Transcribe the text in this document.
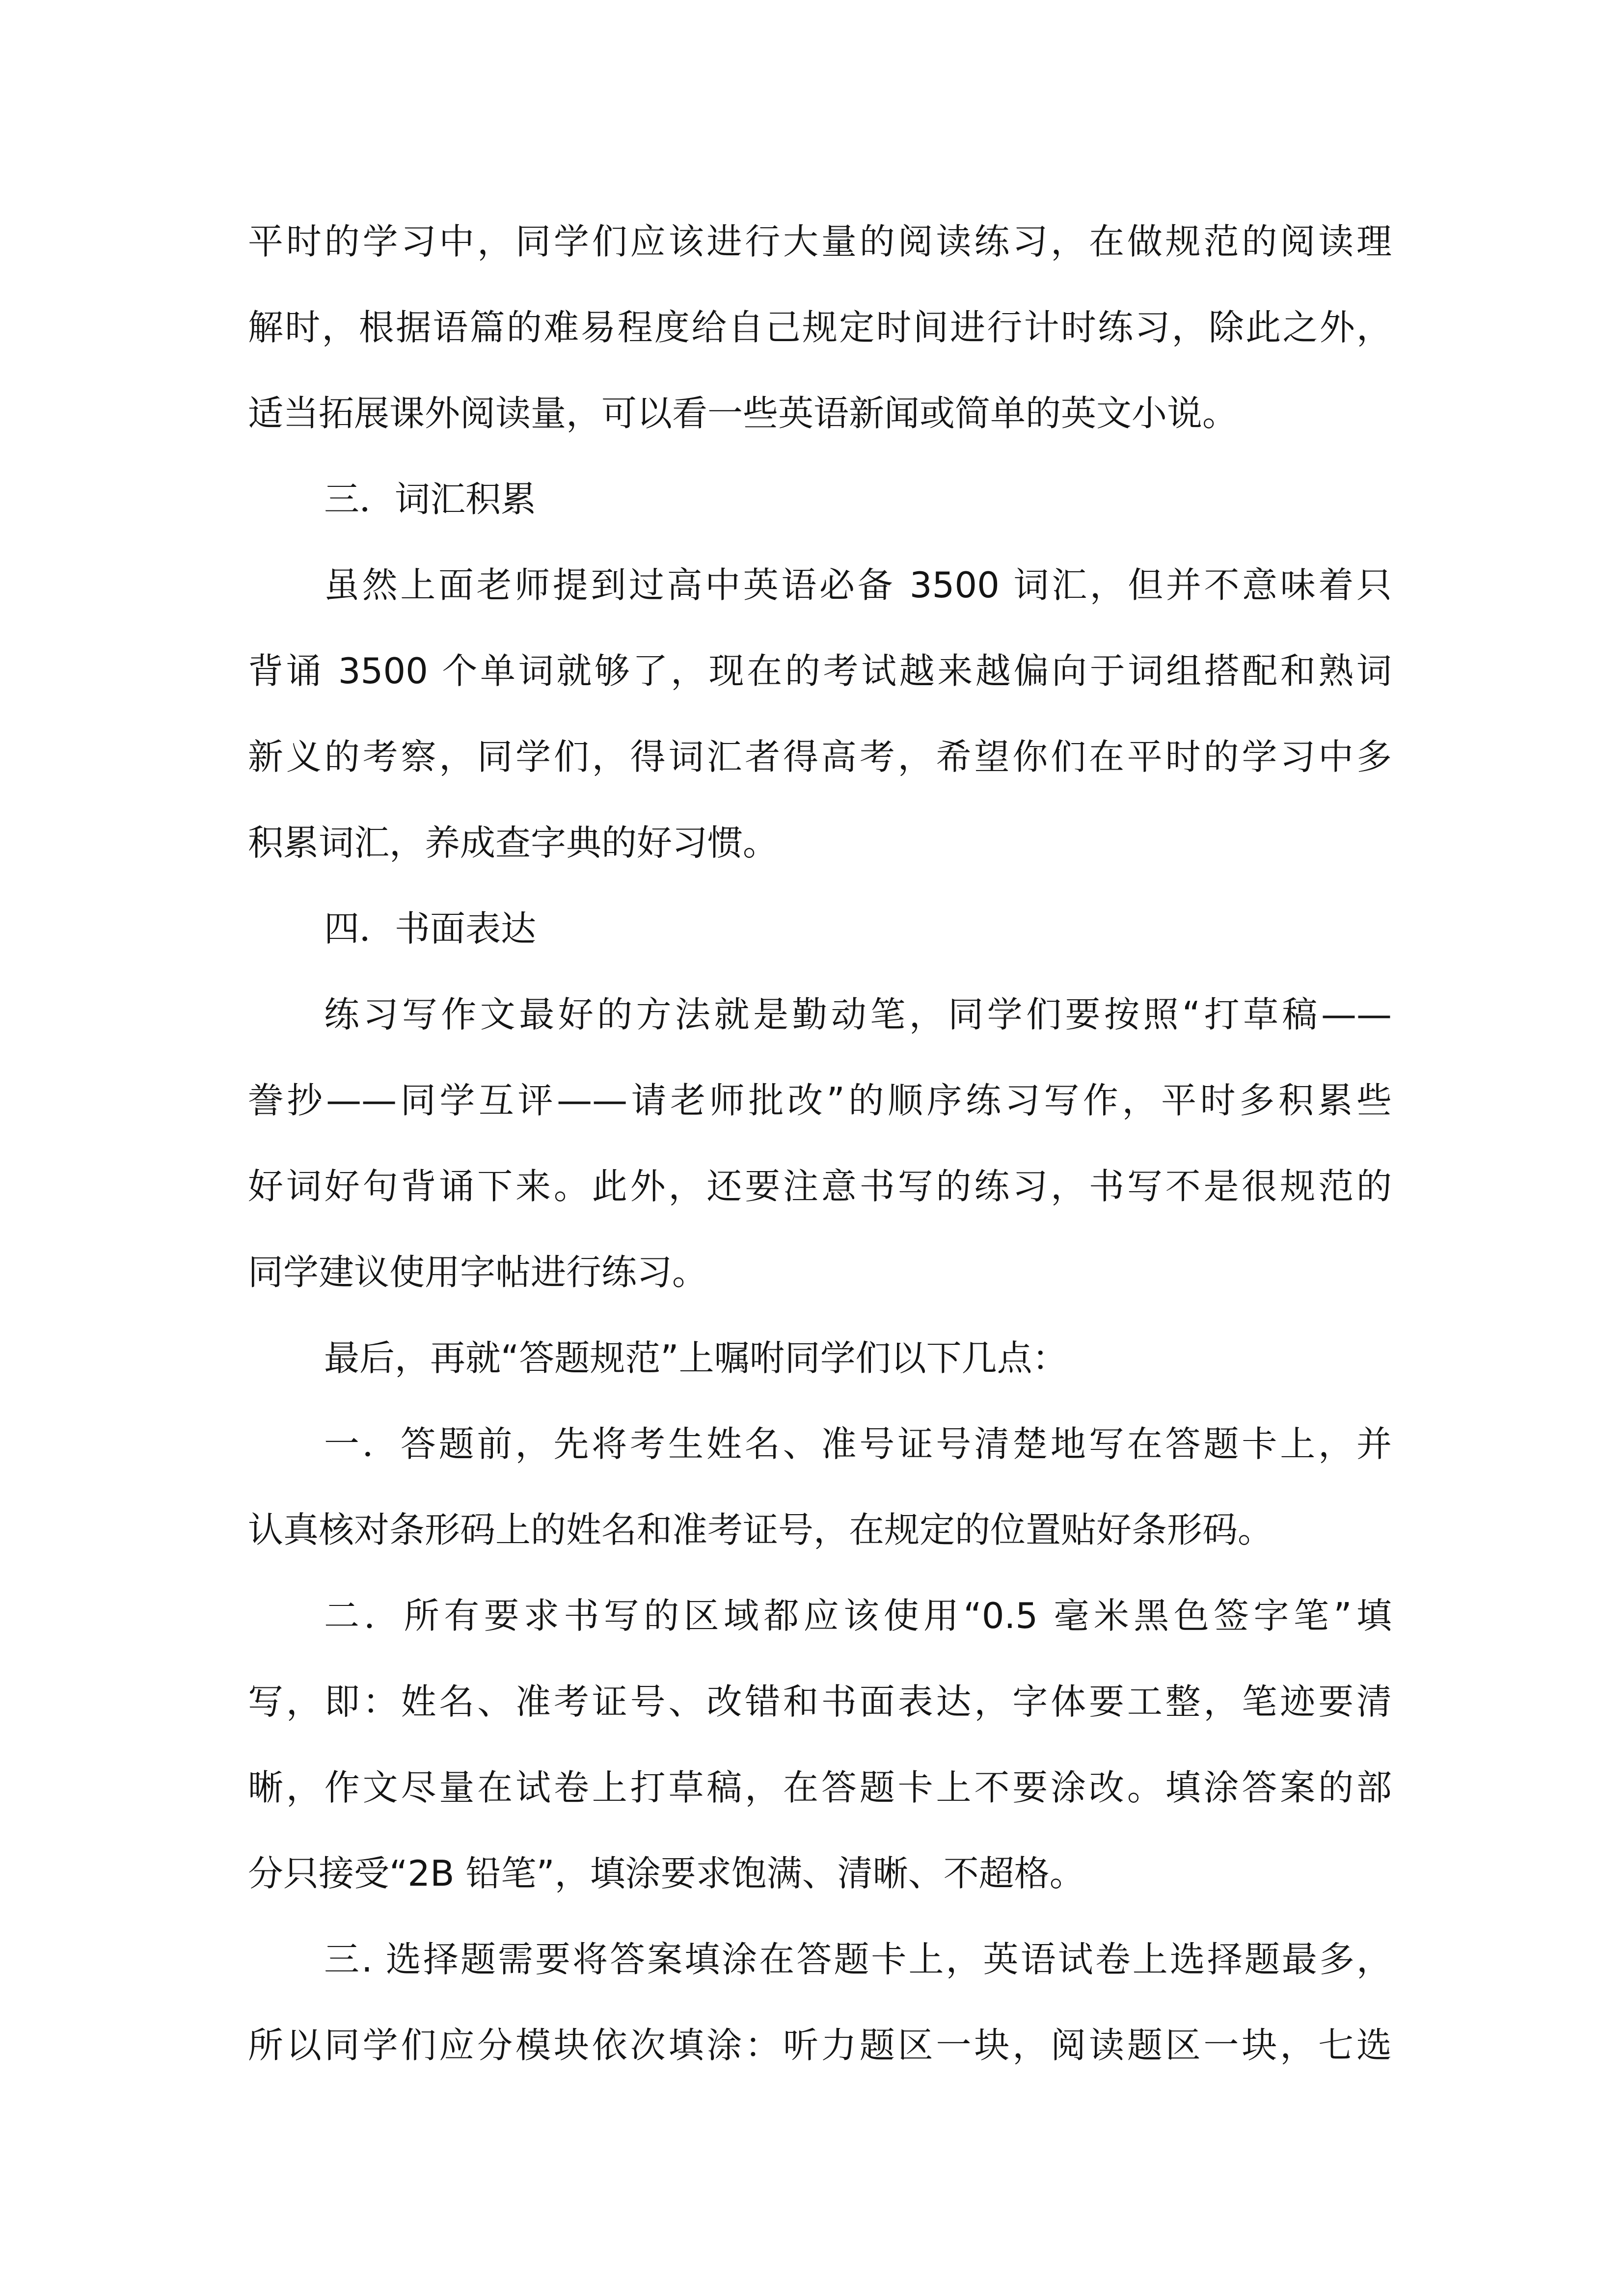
平时的学习中，同学们应该进行大量的阅读练习，在做规范的阅读理
解时，根据语篇的难易程度给自己规定时间进行计时练习，除此之外，
适当拓展课外阅读量，可以看一些英语新闻或简单的英文小说。
三．词汇积累
虽然上面老师提到过高中英语必备 3500 词汇，但并不意味着只
背诵 3500 个单词就够了，现在的考试越来越偏向于词组搭配和熟词
新义的考察，同学们，得词汇者得高考，希望你们在平时的学习中多
积累词汇，养成查字典的好习惯。
四．书面表达
练习写作文最好的方法就是勤动笔，同学们要按照“打草稿——
誊抄——同学互评——请老师批改”的顺序练习写作，平时多积累些
好词好句背诵下来。此外，还要注意书写的练习，书写不是很规范的
同学建议使用字帖进行练习。
最后，再就“答题规范”上嘱咐同学们以下几点：
一．答题前，先将考生姓名、准号证号清楚地写在答题卡上，并
认真核对条形码上的姓名和准考证号，在规定的位置贴好条形码。
二．所有要求书写的区域都应该使用“0.5 毫米黑色签字笔”填
写，即：姓名、准考证号、改错和书面表达，字体要工整，笔迹要清
晰，作文尽量在试卷上打草稿，在答题卡上不要涂改。填涂答案的部
分只接受“2B 铅笔”，填涂要求饱满、清晰、不超格。
三. 选择题需要将答案填涂在答题卡上，英语试卷上选择题最多，
所以同学们应分模块依次填涂：听力题区一块，阅读题区一块，七选
